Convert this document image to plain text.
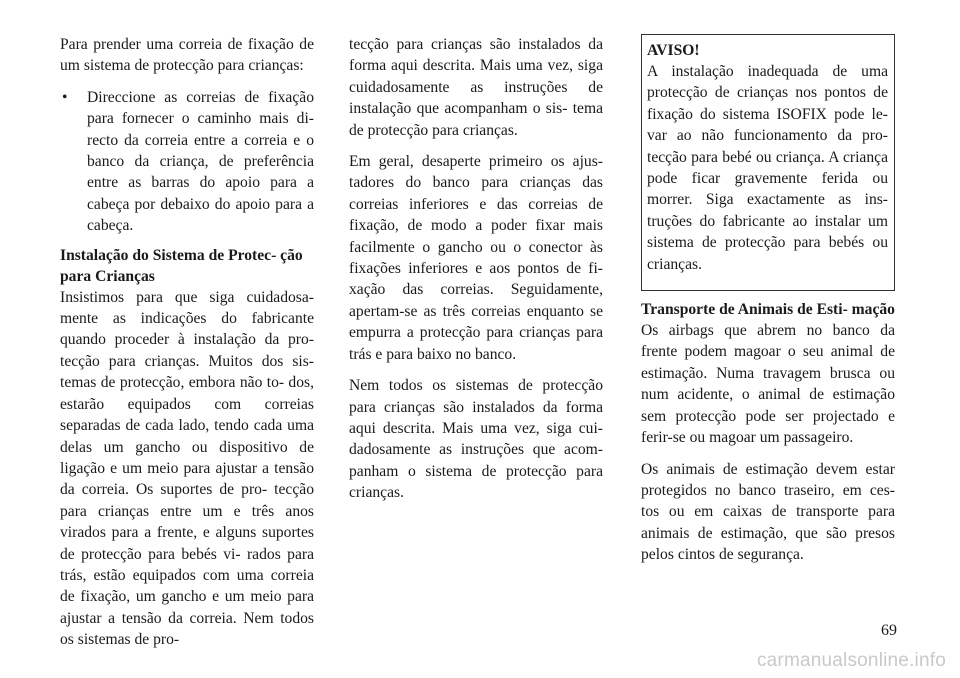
Para prender uma correia de fixação de um sistema de protecção para crianças:

• Direccione as correias de fixação para fornecer o caminho mais di- recto da correia entre a correia e o banco da criança, de preferência entre as barras do apoio para a cabeça por debaixo do apoio para a cabeça.
Instalação do Sistema de Protec- ção para Crianças

Insistimos para que siga cuidadosa- mente as indicações do fabricante quando proceder à instalação da pro- tecção para crianças. Muitos dos sis- temas de protecção, embora não to- dos, estarão equipados com correias separadas de cada lado, tendo cada uma delas um gancho ou dispositivo de ligação e um meio para ajustar a tensão da correia. Os suportes de pro- tecção para crianças entre um e três anos virados para a frente, e alguns suportes de protecção para bebés vi- rados para trás, estão equipados com uma correia de fixação, um gancho e um meio para ajustar a tensão da correia. Nem todos os sistemas de pro-

tecção para crianças são instalados da forma aqui descrita. Mais uma vez, siga cuidadosamente as instruções de instalação que acompanham o sis- tema de protecção para crianças.

Em geral, desaperte primeiro os ajus- tadores do banco para crianças das correias inferiores e das correias de fixação, de modo a poder fixar mais facilmente o gancho ou o conector às fixações inferiores e aos pontos de fi- xação das correias. Seguidamente, apertam-se as três correias enquanto se empurra a protecção para crianças para trás e para baixo no banco.

Nem todos os sistemas de protecção para crianças são instalados da forma aqui descrita. Mais uma vez, siga cui- dadosamente as instruções que acom- panham o sistema de protecção para crianças.

AVISO!

A instalação inadequada de uma protecção de crianças nos pontos de fixação do sistema ISOFIX pode le- var ao não funcionamento da pro- tecção para bebé ou criança. A criança pode ficar gravemente ferida ou morrer. Siga exactamente as ins- truções do fabricante ao instalar um sistema de protecção para bebés ou crianças.

Transporte de Animais de Esti- mação

Os airbags que abrem no banco da frente podem magoar o seu animal de estimação. Numa travagem brusca ou num acidente, o animal de estimação sem protecção pode ser projectado e ferir-se ou magoar um passageiro.

Os animais de estimação devem estar protegidos no banco traseiro, em ces- tos ou em caixas de transporte para animais de estimação, que são presos pelos cintos de segurança.

69
carmanualsonline.info
